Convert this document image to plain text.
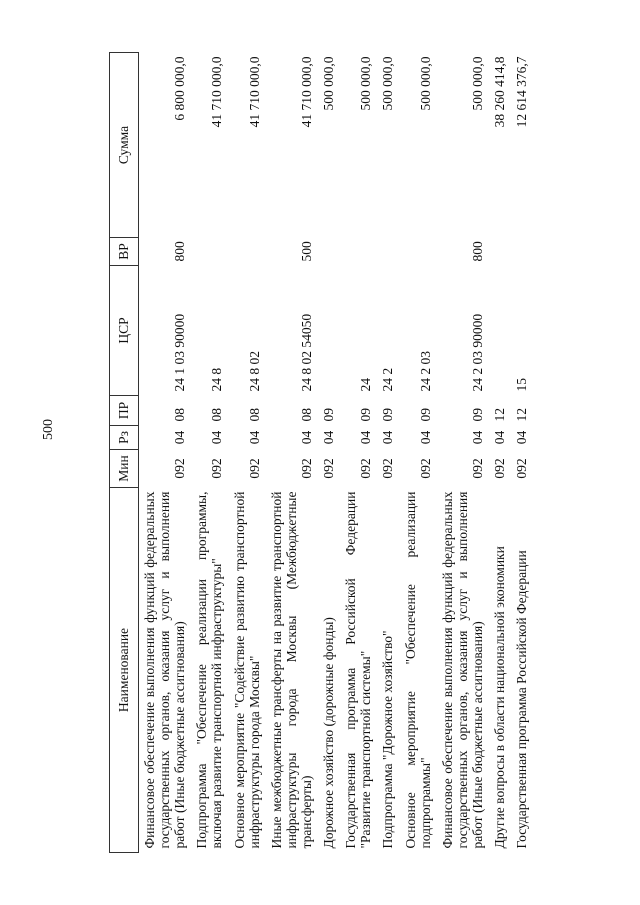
500
Наименование	Мин	Рз	ПР	ЦСР	ВР	Сумма
Финансовое обеспечение выполнения функций федеральных государственных органов, оказания услуг и выполнения работ (Иные бюджетные ассигнования)	092	04	08	24 1 03 90000	800	6 800 000,0
Подпрограмма "Обеспечение реализации программы, включая развитие транспортной инфраструктуры"	092	04	08	24 8		41 710 000,0
Основное мероприятие "Содействие развитию транспортной инфраструктуры города Москвы"	092	04	08	24 8 02		41 710 000,0
Иные межбюджетные трансферты на развитие транспортной инфраструктуры города Москвы (Межбюджетные трансферты)	092	04	08	24 8 02 54050	500	41 710 000,0
Дорожное хозяйство (дорожные фонды)	092	04	09			500 000,0
Государственная программа Российской Федерации "Развитие транспортной системы"	092	04	09	24		500 000,0
Подпрограмма "Дорожное хозяйство"	092	04	09	24 2		500 000,0
Основное мероприятие "Обеспечение реализации подпрограммы"	092	04	09	24 2 03		500 000,0
Финансовое обеспечение выполнения функций федеральных государственных органов, оказания услуг и выполнения работ (Иные бюджетные ассигнования)	092	04	09	24 2 03 90000	800	500 000,0
Другие вопросы в области национальной экономики	092	04	12			38 260 414,8
Государственная программа Российской Федерации	092	04	12	15		12 614 376,7
